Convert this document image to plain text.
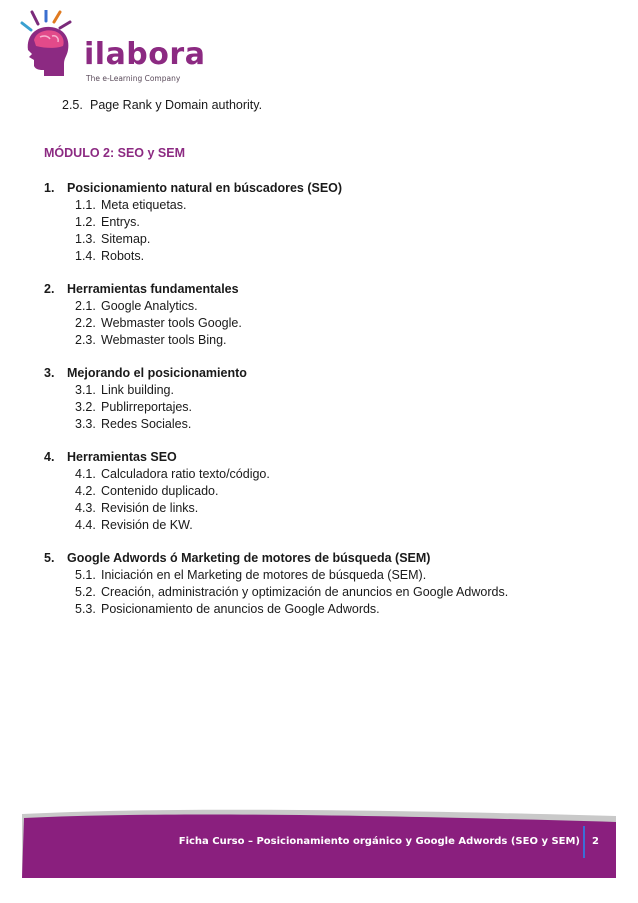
ilabora
The e-Learning Company
2.5. Page Rank y Domain authority.
MÓDULO 2: SEO y SEM
1. Posicionamiento natural en búscadores (SEO)
1.1. Meta etiquetas.
1.2. Entrys.
1.3. Sitemap.
1.4. Robots.
2. Herramientas fundamentales
2.1. Google Analytics.
2.2. Webmaster tools Google.
2.3. Webmaster tools Bing.
3. Mejorando el posicionamiento
3.1. Link building.
3.2. Publirreportajes.
3.3. Redes Sociales.
4. Herramientas SEO
4.1. Calculadora ratio texto/código.
4.2. Contenido duplicado.
4.3. Revisión de links.
4.4. Revisión de KW.
5. Google Adwords ó Marketing de motores de búsqueda (SEM)
5.1. Iniciación en el Marketing de motores de búsqueda (SEM).
5.2. Creación, administración y optimización de anuncios en Google Adwords.
5.3. Posicionamiento de anuncios de Google Adwords.
Ficha Curso – Posicionamiento orgánico y Google Adwords (SEO y SEM) 2
